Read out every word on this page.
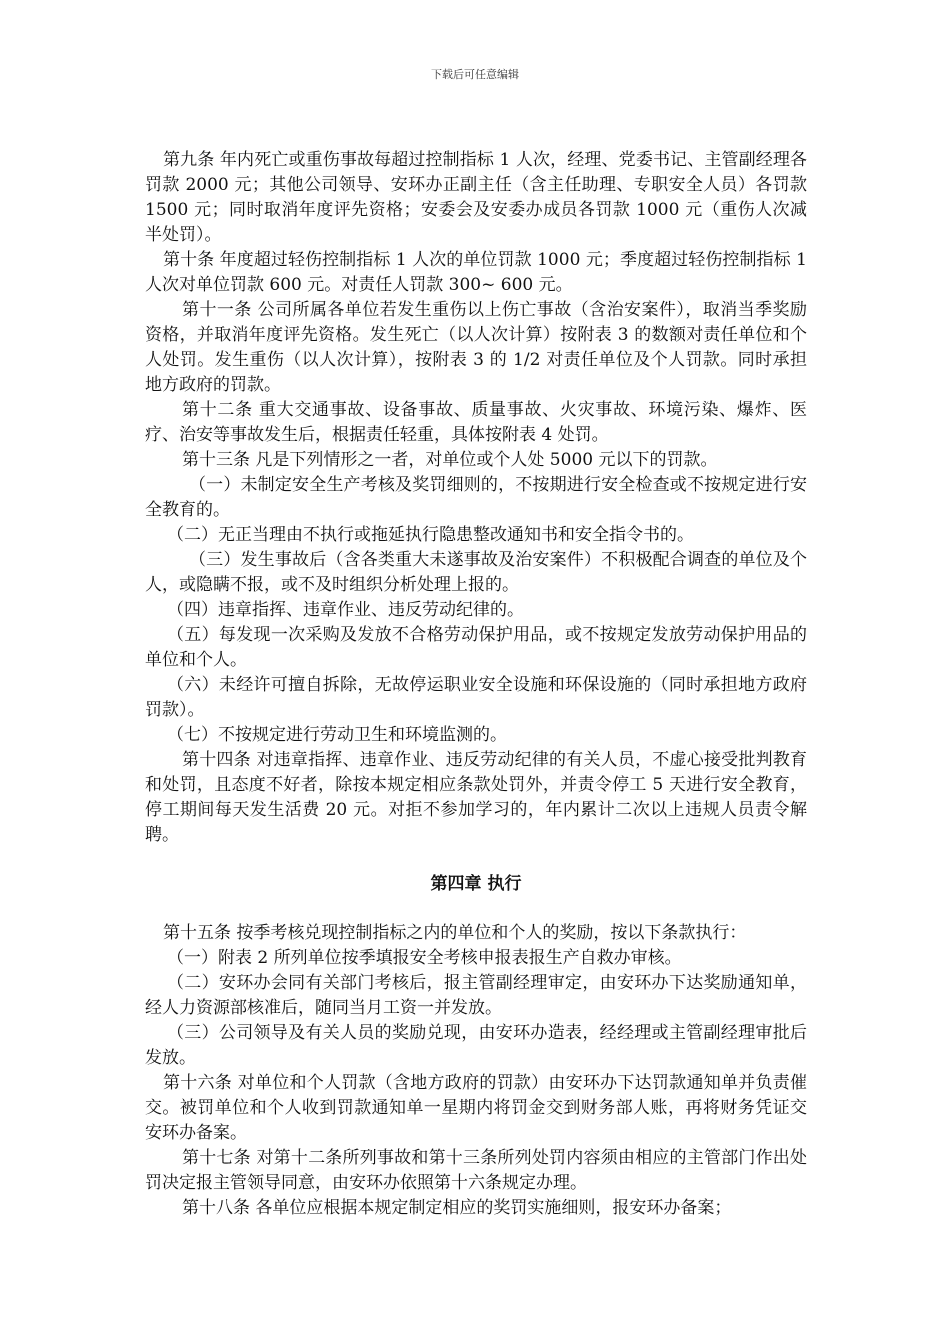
下载后可任意编辑

第九条 年内死亡或重伤事故每超过控制指标 1 人次，经理、党委书记、主管副经理各罚款 2000 元；其他公司领导、安环办正副主任（含主任助理、专职安全人员）各罚款 1500 元；同时取消年度评先资格；安委会及安委办成员各罚款 1000 元（重伤人次减半处罚）。

第十条 年度超过轻伤控制指标 1 人次的单位罚款 1000 元；季度超过轻伤控制指标 1 人次对单位罚款 600 元。对责任人罚款 300~ 600 元。

第十一条 公司所属各单位若发生重伤以上伤亡事故（含治安案件），取消当季奖励资格，并取消年度评先资格。发生死亡（以人次计算）按附表 3 的数额对责任单位和个人处罚。发生重伤（以人次计算），按附表 3 的 1/2 对责任单位及个人罚款。同时承担地方政府的罚款。

第十二条 重大交通事故、设备事故、质量事故、火灾事故、环境污染、爆炸、医疗、治安等事故发生后，根据责任轻重，具体按附表 4 处罚。

第十三条 凡是下列情形之一者，对单位或个人处 5000 元以下的罚款。

（一）未制定安全生产考核及奖罚细则的，不按期进行安全检查或不按规定进行安全教育的。

（二）无正当理由不执行或拖延执行隐患整改通知书和安全指令书的。

（三）发生事故后（含各类重大未遂事故及治安案件）不积极配合调查的单位及个人，或隐瞒不报，或不及时组织分析处理上报的。

（四）违章指挥、违章作业、违反劳动纪律的。

（五）每发现一次采购及发放不合格劳动保护用品，或不按规定发放劳动保护用品的单位和个人。

（六）未经许可擅自拆除，无故停运职业安全设施和环保设施的（同时承担地方政府罚款）。

（七）不按规定进行劳动卫生和环境监测的。

第十四条 对违章指挥、违章作业、违反劳动纪律的有关人员，不虚心接受批判教育和处罚，且态度不好者，除按本规定相应条款处罚外，并责令停工 5 天进行安全教育，停工期间每天发生活费 20 元。对拒不参加学习的，年内累计二次以上违规人员责令解聘。

第四章 执行

第十五条 按季考核兑现控制指标之内的单位和个人的奖励，按以下条款执行：

（一）附表 2 所列单位按季填报安全考核申报表报生产自救办审核。

（二）安环办会同有关部门考核后，报主管副经理审定，由安环办下达奖励通知单，经人力资源部核准后，随同当月工资一并发放。

（三）公司领导及有关人员的奖励兑现，由安环办造表，经经理或主管副经理审批后发放。

第十六条 对单位和个人罚款（含地方政府的罚款）由安环办下达罚款通知单并负责催交。被罚单位和个人收到罚款通知单一星期内将罚金交到财务部人账，再将财务凭证交安环办备案。

第十七条 对第十二条所列事故和第十三条所列处罚内容须由相应的主管部门作出处罚决定报主管领导同意，由安环办依照第十六条规定办理。

第十八条 各单位应根据本规定制定相应的奖罚实施细则，报安环办备案；
